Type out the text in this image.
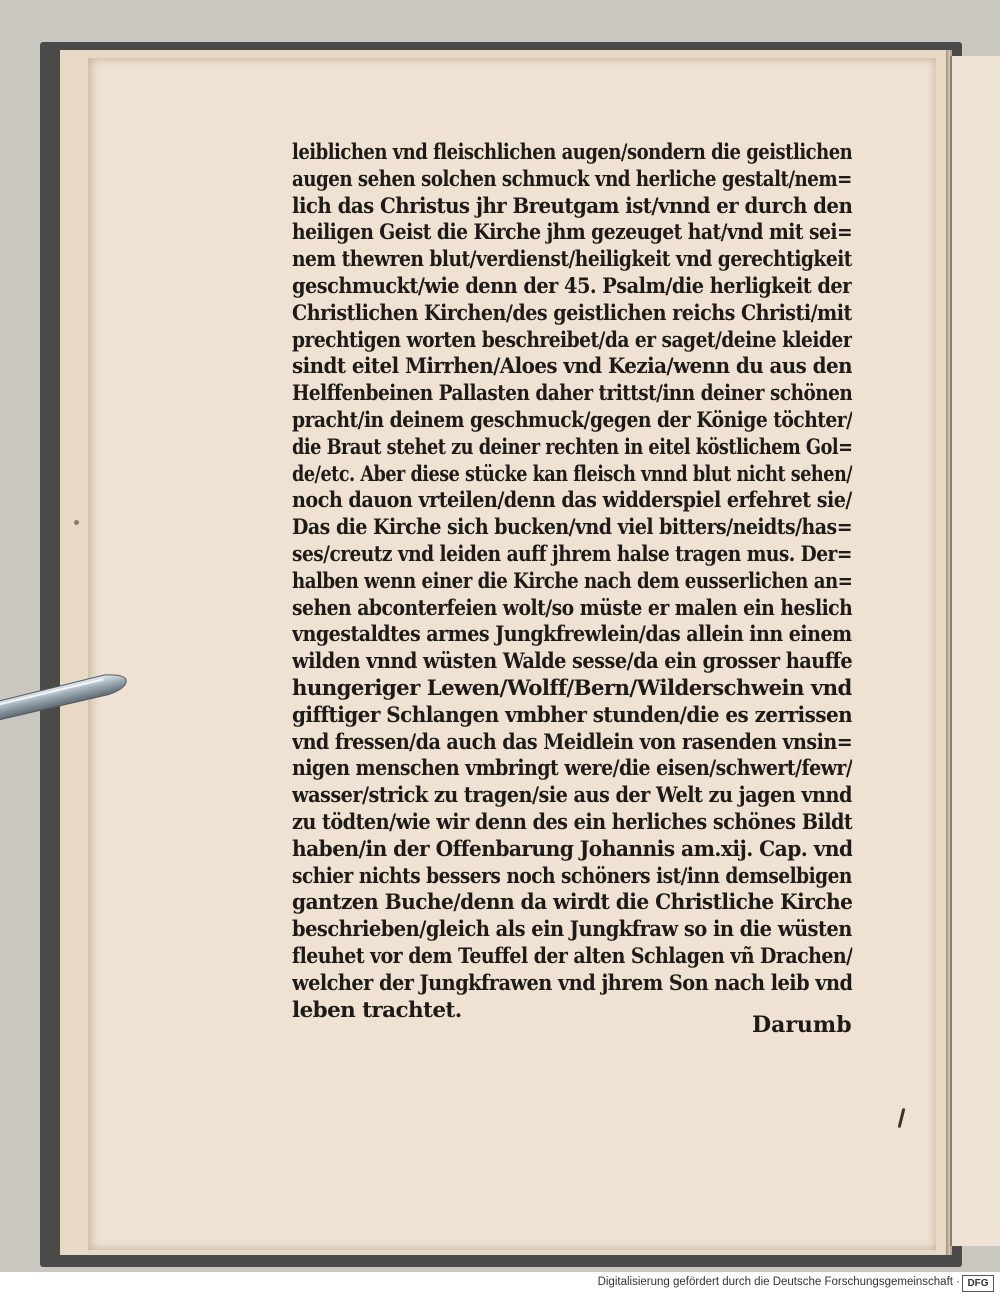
leiblichen vnd fleischlichen augen/sondern die geistlichen
augen sehen solchen schmuck vnd herliche gestalt/nem=
lich das Christus jhr Breutgam ist/vnnd er durch den
heiligen Geist die Kirche jhm gezeuget hat/vnd mit sei=
nem thewren blut/verdienst/heiligkeit vnd gerechtigkeit
geschmuckt/wie denn der 45. Psalm/die herligkeit der
Christlichen Kirchen/des geistlichen reichs Christi/mit
prechtigen worten beschreibet/da er saget/deine kleider
sindt eitel Mirrhen/Aloes vnd Kezia/wenn du aus den
Helffenbeinen Pallasten daher trittst/inn deiner schönen
pracht/in deinem geschmuck/gegen der Könige töchter/
die Braut stehet zu deiner rechten in eitel köstlichem Gol=
de/etc. Aber diese stücke kan fleisch vnnd blut nicht sehen/
noch dauon vrteilen/denn das widderspiel erfehret sie/
Das die Kirche sich bucken/vnd viel bitters/neidts/has=
ses/creutz vnd leiden auff jhrem halse tragen mus. Der=
halben wenn einer die Kirche nach dem eusserlichen an=
sehen abconterfeien wolt/so müste er malen ein heslich
vngestaldtes armes Jungkfrewlein/das allein inn einem
wilden vnnd wüsten Walde sesse/da ein grosser hauffe
hungeriger Lewen/Wolff/Bern/Wilderschwein vnd
gifftiger Schlangen vmbher stunden/die es zerrissen
vnd fressen/da auch das Meidlein von rasenden vnsin=
nigen menschen vmbringt were/die eisen/schwert/fewr/
wasser/strick zu tragen/sie aus der Welt zu jagen vnnd
zu tödten/wie wir denn des ein herliches schönes Bildt
haben/in der Offenbarung Johannis am.xij. Cap. vnd
schier nichts bessers noch schöners ist/inn demselbigen
gantzen Buche/denn da wirdt die Christliche Kirche
beschrieben/gleich als ein Jungkfraw so in die wüsten
fleuhet vor dem Teuffel der alten Schlagen vñ Drachen/
welcher der Jungkfrawen vnd jhrem Son nach leib vnd
leben trachtet.
Darumb
Digitalisierung gefördert durch die Deutsche Forschungsgemeinschaft · DFG
